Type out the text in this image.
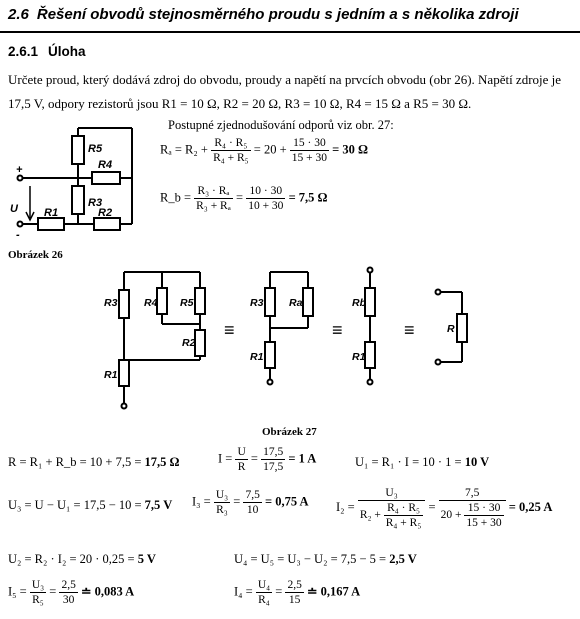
2.6 Řešení obvodů stejnosměrného proudu s jedním a s několika zdroji
2.6.1 Úloha
Určete proud, který dodává zdroj do obvodu, proudy a napětí na prvcích obvodu (obr 26). Napětí zdroje je 17,5 V, odpory rezistorů jsou R1 = 10 Ω, R2 = 20 Ω, R3 = 10 Ω, R4 = 15 Ω a R5 = 30 Ω.
Postupné zjednodušování odporů viz obr. 27:
R5
R4
R3
R1	R2
U
+
-
Obrázek 26
$R_a = R_2 + \frac{\text{R₄ · R₅}}{\text{R₄ + R₅}} = 20 + \frac{15 \cdot 30}{15 + 30} = 30$ Ω
R_b = $\frac{\text{R₃ · Rₐ}}{\text{R₃ + Rₐ}} = \frac{10 \cdot 30}{10 + 30} = 7,5$ Ω
R3	R4 R5
R2
R1
R3 Ra
R1
Rb
R1
R
≡	≡	≡
Obrázek 27
R = R₁ + R_b = 10 + 7,5 = 17,5 Ω	$I = \frac{U}{R} = \frac{17,5}{17,5} = 1$ A	U₁ = R₁ · I = 10 · 1 = 10 V
U₃ = U − U₁ = 17,5 − 10 = 7,5 V $I_3 = \frac{\text{U₃}}{\text{R₃}} = \frac{7,5}{10} = 0,75$ A $I_2 = \frac{\text{U₃}}{R_2 + \frac{\text{R₄ · R₅}}{\text{R₄ + R₅}}} = \frac{7,5}{20 + \frac{15 \cdot 30}{15 + 30}} = 0,25$ A
U₂ = R₂ · I₂ = 20 · 0,25 = 5 V	U₄ = U₅ = U₃ − U₂ = 7,5 − 5 = 2,5 V
$I_5 = \frac{\text{U₃}}{\text{R₅}} = \frac{2,5}{30}$ ≐ 0,083 A	$I_4 = \frac{\text{U₄}}{\text{R₄}} = \frac{2,5}{15}$ ≐ 0,167 A
